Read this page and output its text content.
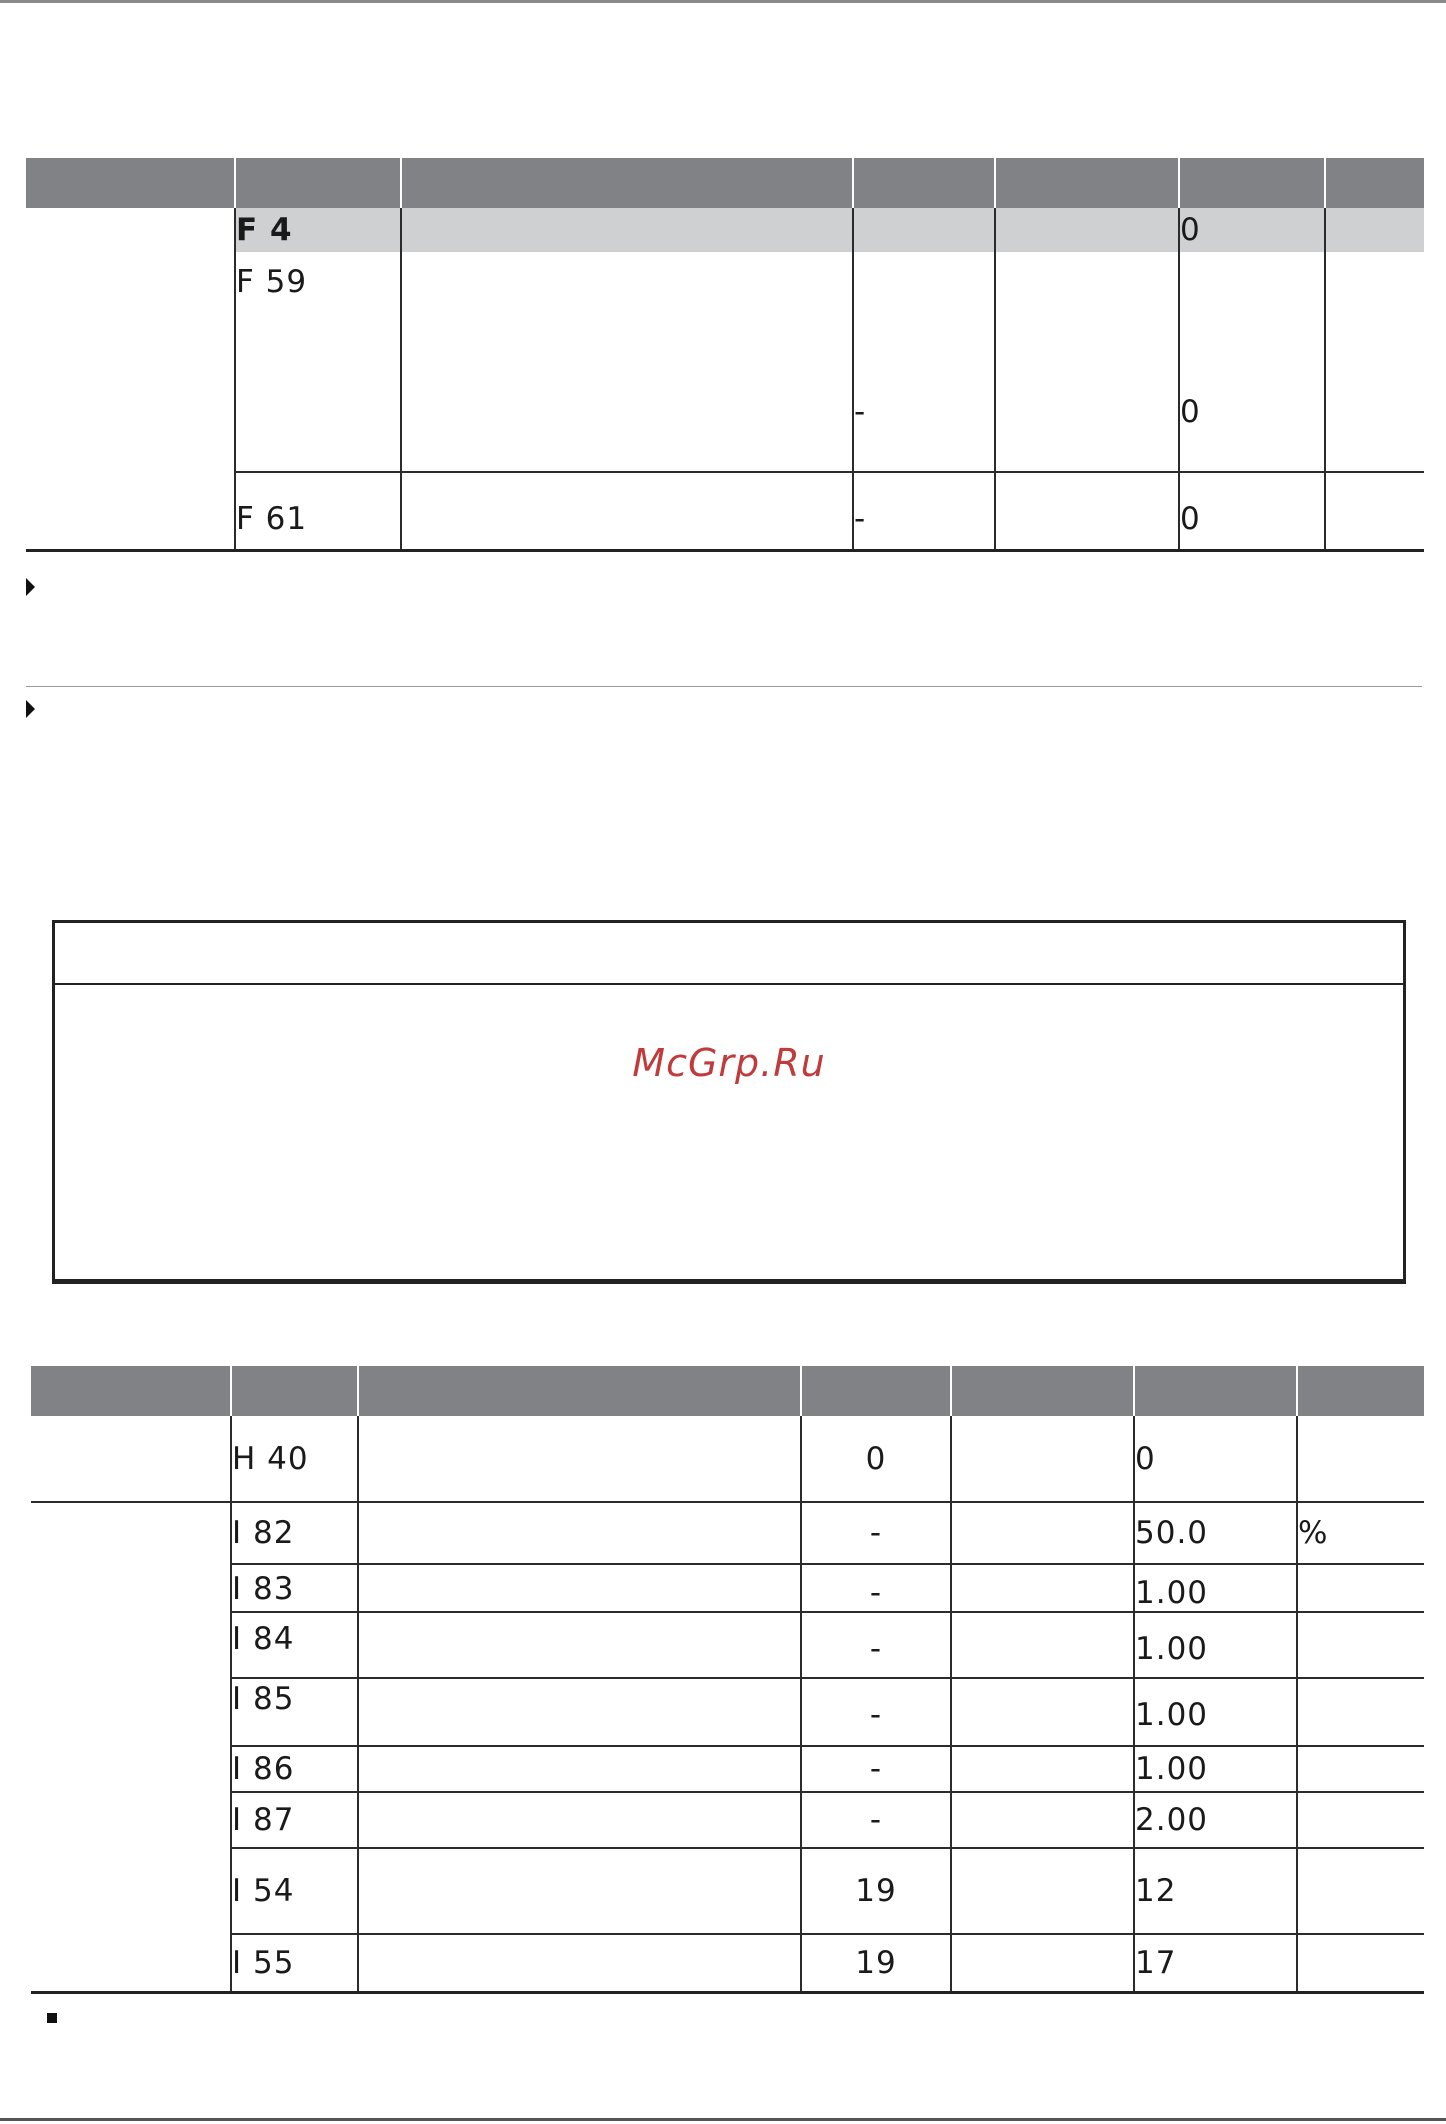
	F 4				0	
	F 59		-		0	
	F 61		-		0	
McGrp.Ru

	H 40		0		0	
	I 82		-		50.0	%
	I 83		-		1.00	
	I 84		-		1.00	
	I 85		-		1.00	
	I 86		-		1.00	
	I 87		-		2.00	
	I 54		19		12	
	I 55		19		17	
